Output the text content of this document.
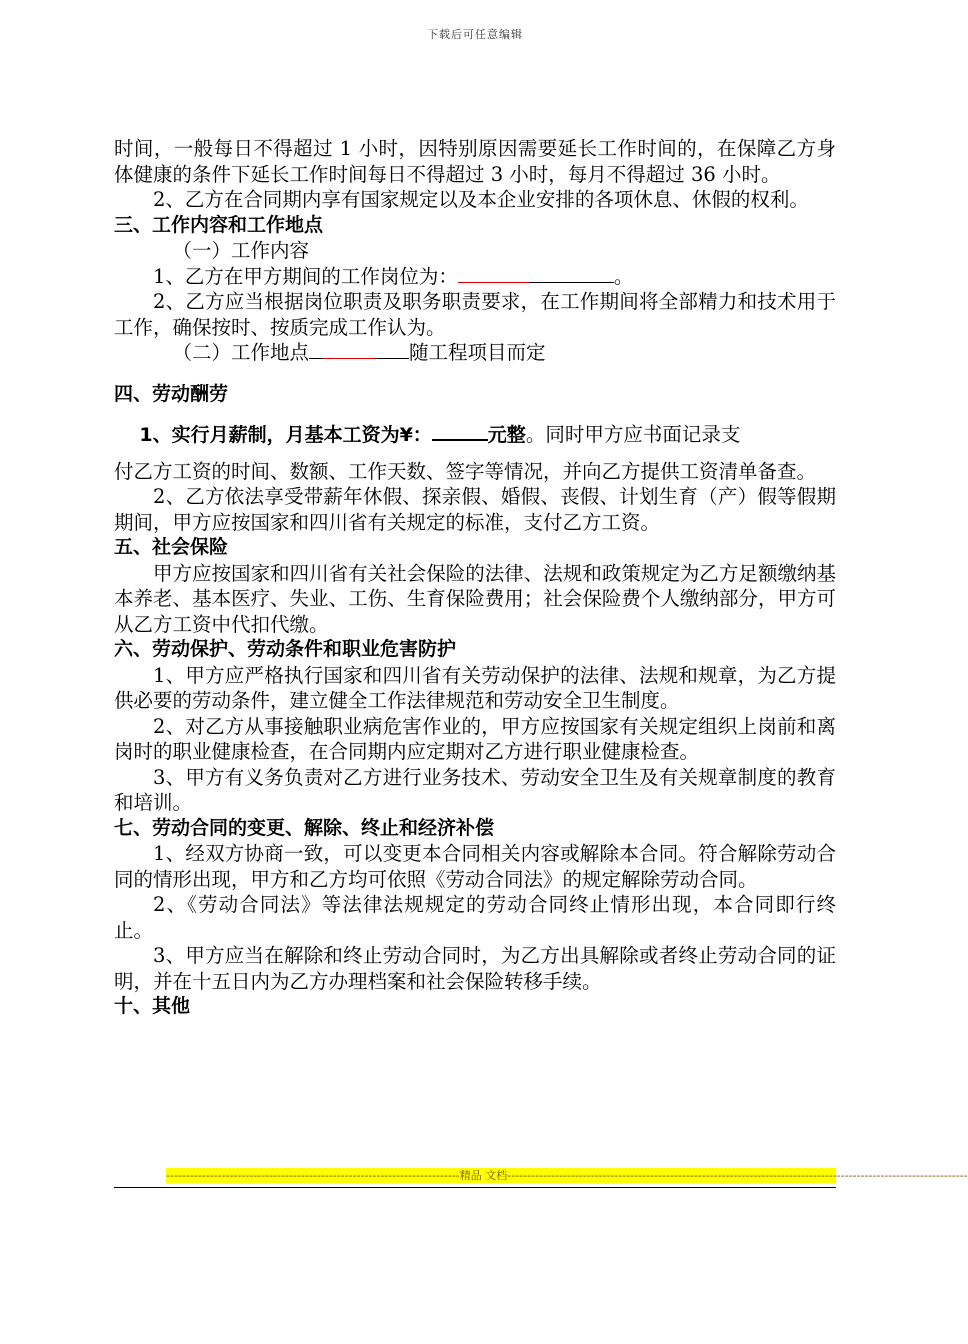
下载后可任意编辑

时间，一般每日不得超过 1 小时，因特别原因需要延长工作时间的，在保障乙方身体健康的条件下延长工作时间每日不得超过 3 小时，每月不得超过 36 小时。

2、乙方在合同期内享有国家规定以及本企业安排的各项休息、休假的权利。

三、工作内容和工作地点

（一）工作内容

1、乙方在甲方期间的工作岗位为：	。

2、乙方应当根据岗位职责及职务职责要求，在工作期间将全部精力和技术用于工作，确保按时、按质完成工作认为。

（二）工作地点	随工程项目而定

四、劳动酬劳

1、实行月薪制，月基本工资为¥：	元整。同时甲方应书面记录支

付乙方工资的时间、数额、工作天数、签字等情况，并向乙方提供工资清单备查。

2、乙方依法享受带薪年休假、探亲假、婚假、丧假、计划生育（产）假等假期期间，甲方应按国家和四川省有关规定的标准，支付乙方工资。

五、社会保险

甲方应按国家和四川省有关社会保险的法律、法规和政策规定为乙方足额缴纳基本养老、基本医疗、失业、工伤、生育保险费用；社会保险费个人缴纳部分，甲方可从乙方工资中代扣代缴。

六、劳动保护、劳动条件和职业危害防护

1、甲方应严格执行国家和四川省有关劳动保护的法律、法规和规章，为乙方提供必要的劳动条件，建立健全工作法律规范和劳动安全卫生制度。

2、对乙方从事接触职业病危害作业的，甲方应按国家有关规定组织上岗前和离岗时的职业健康检查，在合同期内应定期对乙方进行职业健康检查。

3、甲方有义务负责对乙方进行业务技术、劳动安全卫生及有关规章制度的教育和培训。

七、劳动合同的变更、解除、终止和经济补偿

1、经双方协商一致，可以变更本合同相关内容或解除本合同。符合解除劳动合同的情形出现，甲方和乙方均可依照《劳动合同法》的规定解除劳动合同。

2、《劳动合同法》等法律法规规定的劳动合同终止情形出现，本合同即行终止。

3、甲方应当在解除和终止劳动合同时，为乙方出具解除或者终止劳动合同的证明，并在十五日内为乙方办理档案和社会保险转移手续。

十、其他

--------------------------------------------------------------------------精品 文档--------------------------------------------------------------------------------------------------------------------
